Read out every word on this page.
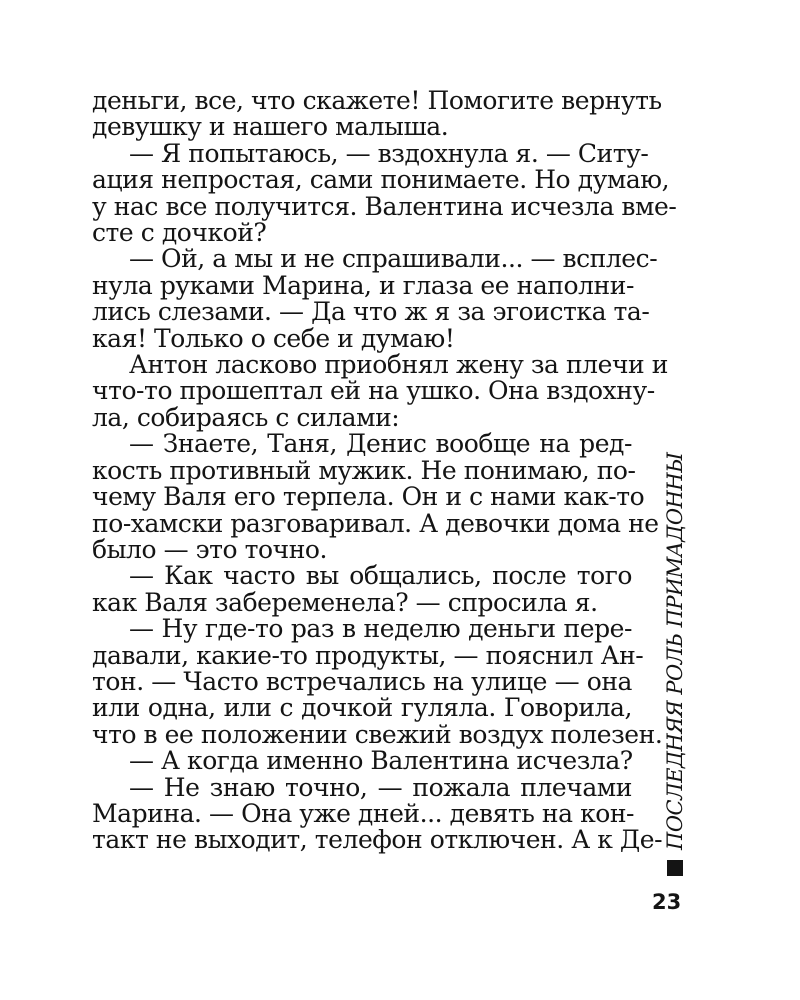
деньги, все, что скажете! Помогите вернуть
девушку и нашего малыша.
— Я попытаюсь, — вздохнула я. — Ситу-
ация непростая, сами понимаете. Но думаю,
у нас все получится. Валентина исчезла вме-
сте с дочкой?
— Ой, а мы и не спрашивали... — всплес-
нула руками Марина, и глаза ее наполни-
лись слезами. — Да что ж я за эгоистка та-
кая! Только о себе и думаю!
Антон ласково приобнял жену за плечи и
что-то прошептал ей на ушко. Она вздохну-
ла, собираясь с силами:
— Знаете, Таня, Денис вообще на ред-
кость противный мужик. Не понимаю, по-
чему Валя его терпела. Он и с нами как-то
по-хамски разговаривал. А девочки дома не
было — это точно.
— Как часто вы общались, после того
как Валя забеременела? — спросила я.
— Ну где-то раз в неделю деньги пере-
давали, какие-то продукты, — пояснил Ан-
тон. — Часто встречались на улице — она
или одна, или с дочкой гуляла. Говорила,
что в ее положении свежий воздух полезен.
— А когда именно Валентина исчезла?
— Не знаю точно, — пожала плечами
Марина. — Она уже дней... девять на кон-
такт не выходит, телефон отключен. А к Де- ПОСЛЕДНЯЯ РОЛЬ ПРИМАДОННЫ
23
